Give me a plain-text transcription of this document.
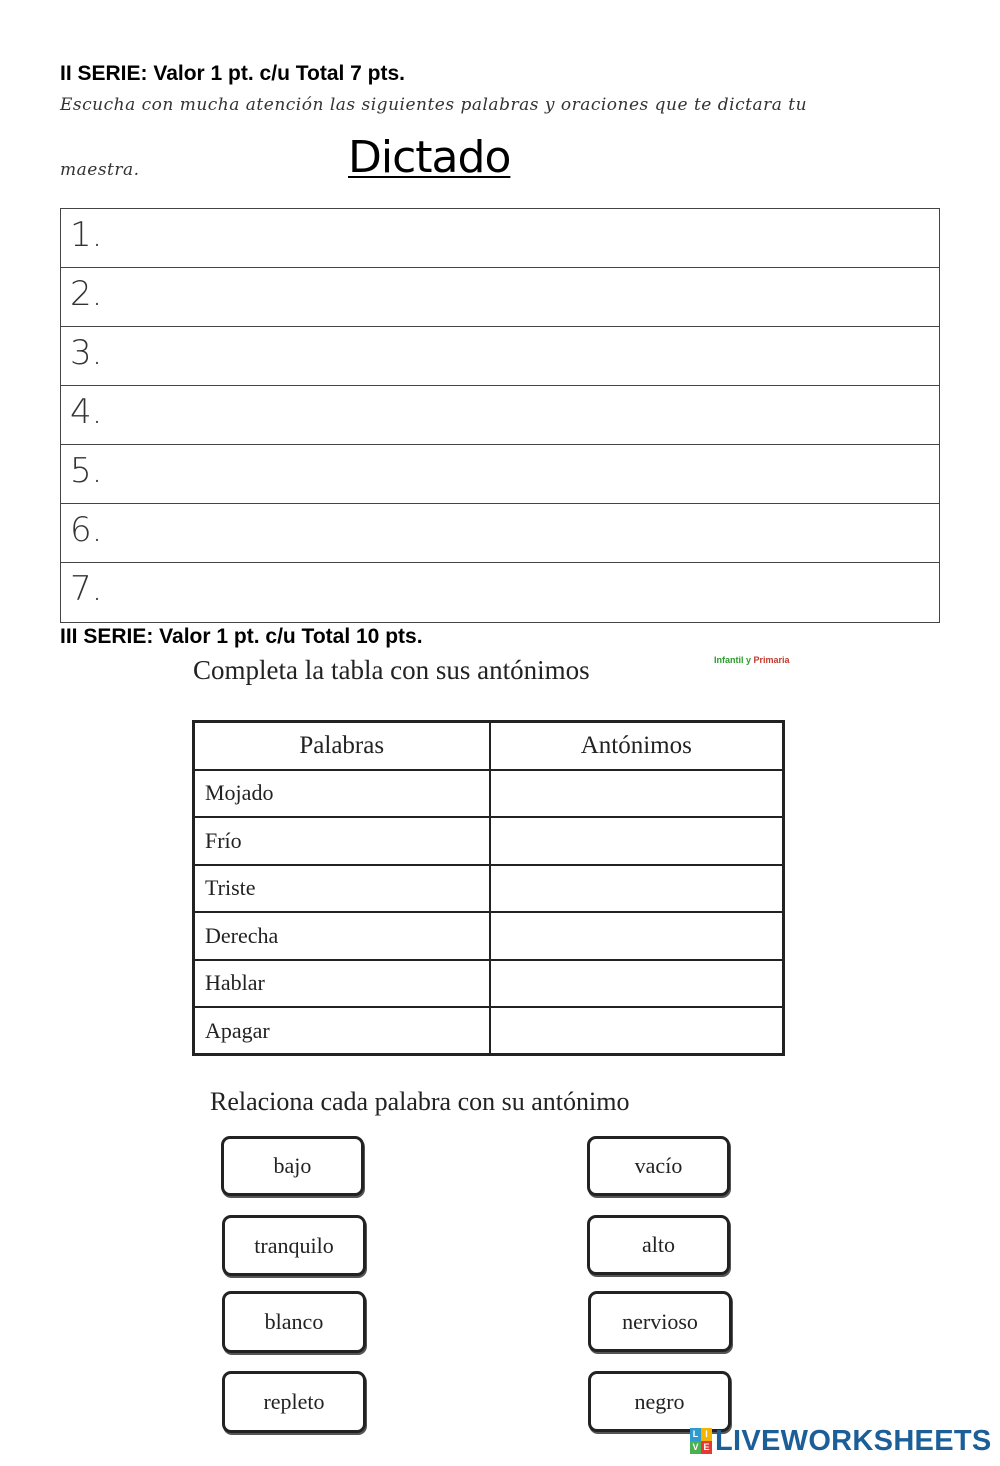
II SERIE: Valor 1 pt. c/u Total 7 pts.
Escucha con mucha atención las siguientes palabras y oraciones que te dictara tu
maestra.	Dictado
1.
2.
3.
4.
5.
6.
7.
III SERIE: Valor 1 pt. c/u Total 10 pts.
Completa la tabla con sus antónimos	Infantil y Primaria
Palabras	Antónimos
Mojado	
Frío	
Triste	
Derecha	
Hablar	
Apagar	
Relaciona cada palabra con su antónimo
bajo
tranquilo
blanco
repleto
vacío
alto
nervioso
negro
L I
V E LIVEWORKSHEETS
